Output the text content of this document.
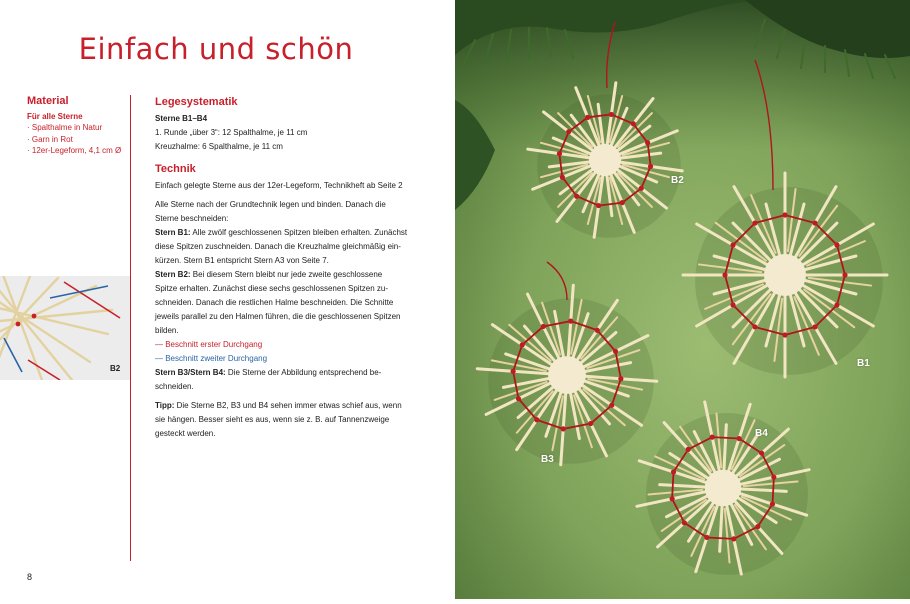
Einfach und schön
Material
Für alle Sterne
· Spalthalme in Natur
· Garn in Rot
· 12er-Legeform, 4,1 cm Ø
Legesystematik

Sterne B1–B4

1. Runde „über 3“: 12 Spalthalme, je 11 cm

Kreuzhalme: 6 Spalthalme, je 11 cm

Technik

Einfach gelegte Sterne aus der 12er-Legeform, Technikheft ab Seite 2

Alle Sterne nach der Grundtechnik legen und binden. Danach die

Sterne beschneiden:

Stern B1: Alle zwölf geschlossenen Spitzen bleiben erhalten. Zunächst

diese Spitzen zuschneiden. Danach die Kreuzhalme gleichmäßig ein-

kürzen. Stern B1 entspricht Stern A3 von Seite 7.

Stern B2: Bei diesem Stern bleibt nur jede zweite geschlossene

Spitze erhalten. Zunächst diese sechs geschlossenen Spitzen zu-

schneiden. Danach die restlichen Halme beschneiden. Die Schnitte

jeweils parallel zu den Halmen führen, die die geschlossenen Spitzen

bilden.

— Beschnitt erster Durchgang

— Beschnitt zweiter Durchgang

Stern B3/Stern B4: Die Sterne der Abbildung entsprechend be-

schneiden.

Tipp: Die Sterne B2, B3 und B4 sehen immer etwas schief aus, wenn

sie hängen. Besser sieht es aus, wenn sie z. B. auf Tannenzweige

gesteckt werden.

B2
8
B2
B1
B3
B4
